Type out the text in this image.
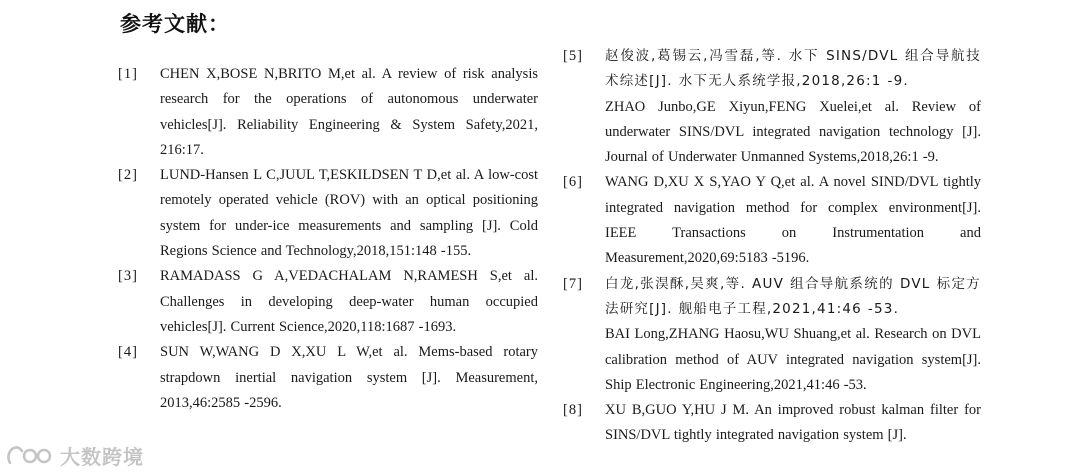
参考文献：
[1] CHEN X,BOSE N,BRITO M,et al. A review of risk analysis research for the operations of autonomous underwater vehicles[J]. Reliability Engineering & System Safety,2021, 216:17.
[2] LUND-Hansen L C,JUUL T,ESKILDSEN T D,et al. A low-cost remotely operated vehicle (ROV) with an optical positioning system for under-ice measurements and sampling [J]. Cold Regions Science and Technology,2018,151:148 -155.
[3] RAMADASS G A,VEDACHALAM N,RAMESH S,et al. Challenges in developing deep-water human occupied vehicles[J]. Current Science,2020,118:1687 -1693.
[4] SUN W,WANG D X,XU L W,et al. Mems-based rotary strapdown inertial navigation system [J]. Measurement, 2013,46:2585 -2596.
[5] 赵俊波,葛锡云,冯雪磊,等. 水下 SINS/DVL 组合导航技术综述[J]. 水下无人系统学报,2018,26:1 -9.
ZHAO Junbo,GE Xiyun,FENG Xuelei,et al. Review of underwater SINS/DVL integrated navigation technology [J]. Journal of Underwater Unmanned Systems,2018,26:1 -9.
[6] WANG D,XU X S,YAO Y Q,et al. A novel SIND/DVL tightly integrated navigation method for complex environment[J]. IEEE Transactions on Instrumentation and Measurement,2020,69:5183 -5196.
[7] 白龙,张淏酥,吴爽,等. AUV 组合导航系统的 DVL 标定方法研究[J]. 舰船电子工程,2021,41:46 -53.
BAI Long,ZHANG Haosu,WU Shuang,et al. Research on DVL calibration method of AUV integrated navigation system[J]. Ship Electronic Engineering,2021,41:46 -53.
[8] XU B,GUO Y,HU J M. An improved robust kalman filter for SINS/DVL tightly integrated navigation system [J].
大数跨境
